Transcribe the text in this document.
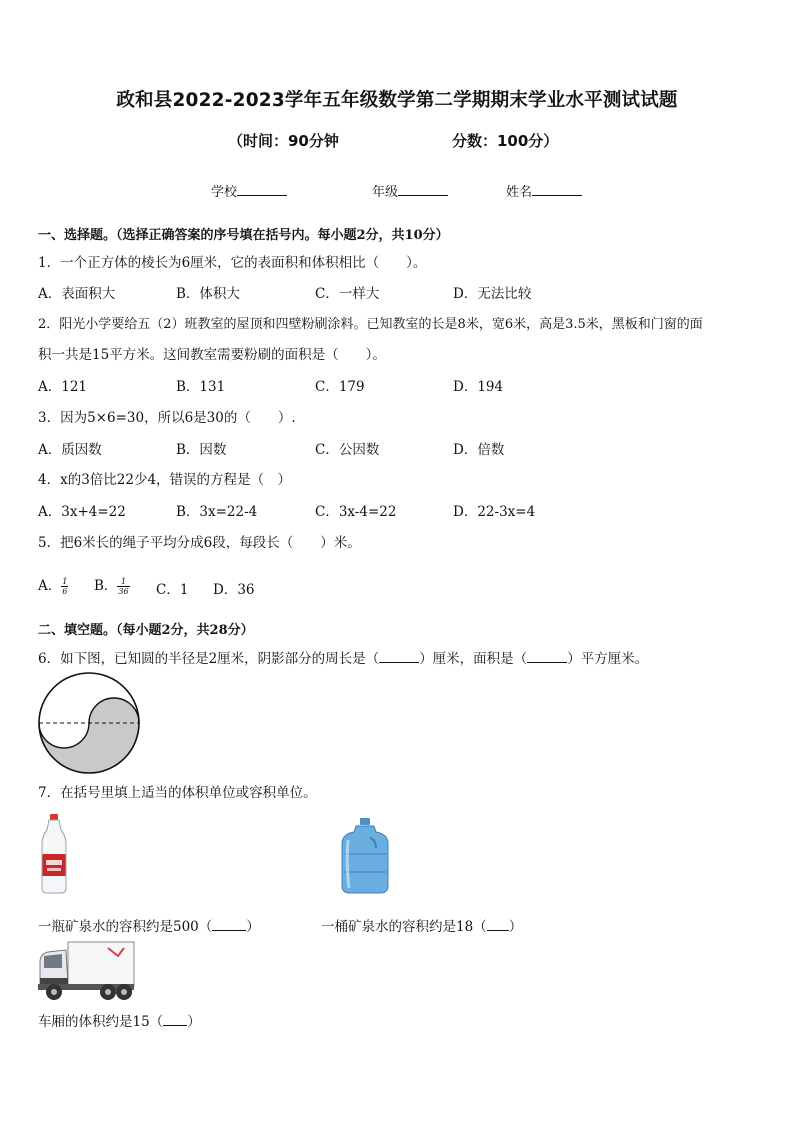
政和县2022-2023学年五年级数学第二学期期末学业水平测试试题
（时间：90分钟	分数：100分）
学校	年级	姓名
一、选择题。（选择正确答案的序号填在括号内。每小题2分，共10分）
1．一个正方体的棱长为6厘米，它的表面积和体积相比（　　）。
A．表面积大	B．体积大	C．一样大	D．无法比较
2．阳光小学要给五（2）班教室的屋顶和四壁粉刷涂料。已知教室的长是8米，宽6米，高是3.5米，黑板和门窗的面
积一共是15平方米。这间教室需要粉刷的面积是（　　）。
A．121	B．131	C．179	D．194
3．因为5×6=30，所以6是30的（　　）.
A．质因数	B．因数	C．公因数	D．倍数
4．x的3倍比22少4，错误的方程是（　）
A．3x+4=22	B．3x=22-4	C．3x-4=22	D．22-3x=4
5．把6米长的绳子平均分成6段，每段长（　　）米。
A． $\frac{1}{6}$ B． $\frac{1}{36}$ C．1 D．36
二、填空题。（每小题2分，共28分）
6．如下图，已知圆的半径是2厘米，阴影部分的周长是（	）厘米，面积是（	）平方厘米。
7．在括号里填上适当的体积单位或容积单位。
一瓶矿泉水的容积约是500（	）	一桶矿泉水的容积约是18（ ）
车厢的体积约是15（ ）
